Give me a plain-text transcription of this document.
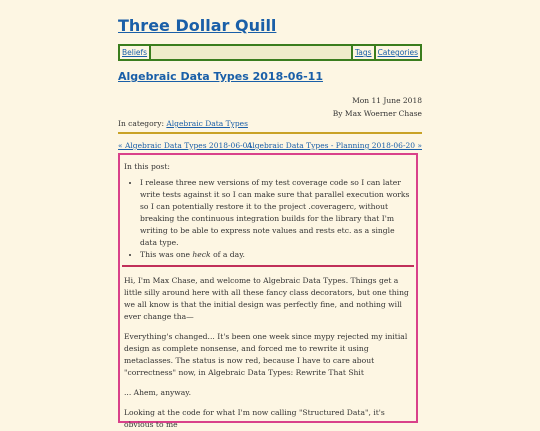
Three Dollar Quill
Beliefs	Tags Categories
Algebraic Data Types 2018-06-11
Mon 11 June 2018
By Max Woerner Chase
In category: Algebraic Data Types
« Algebraic Data Types 2018-06-04
Algebraic Data Types - Planning 2018-06-20 »
In this post:
• I release three new versions of my test coverage code so I can later write tests against it so I can make sure that parallel execution works so I can potentially restore it to the project .coveragerc, without breaking the continuous integration builds for the library that I'm writing to be able to express note values and rests etc. as a single data type.
• This was one heck of a day.

Hi, I'm Max Chase, and welcome to Algebraic Data Types. Things get a little silly around here with all these fancy class decorators, but one thing we all know is that the initial design was perfectly fine, and nothing will ever change tha—

Everything's changed... It's been one week since mypy rejected my initial design as complete nonsense, and forced me to rewrite it using metaclasses. The status is now red, because I have to care about "correctness" now, in Algebraic Data Types: Rewrite That Shit

... Ahem, anyway.

Looking at the code for what I'm now calling "Structured Data", it's obvious to me
